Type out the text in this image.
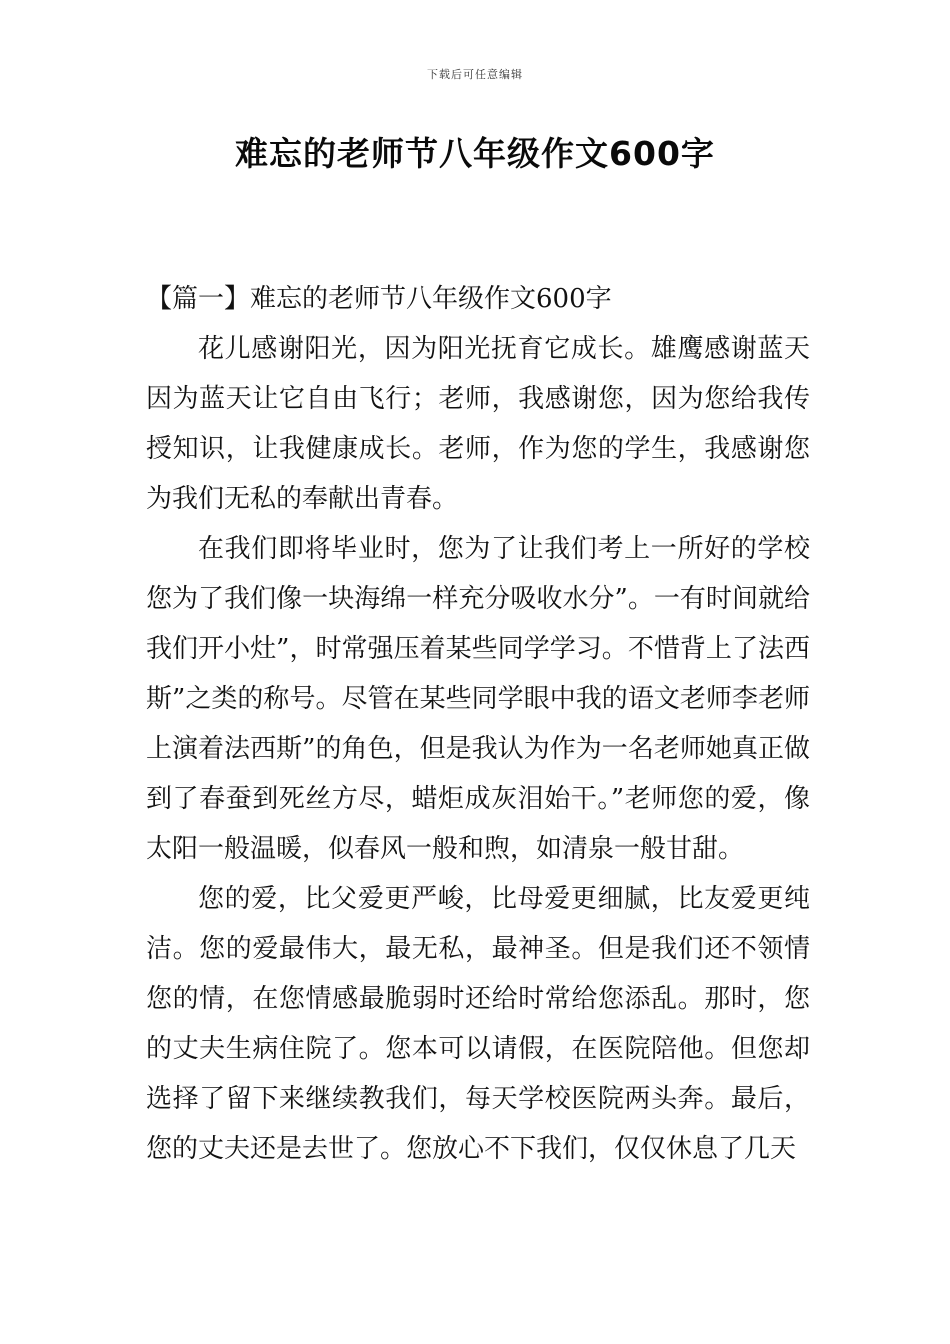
下载后可任意编辑
难忘的老师节八年级作文600字
【篇一】难忘的老师节八年级作文600字

花儿感谢阳光，因为阳光抚育它成长。雄鹰感谢蓝天因为蓝天让它自由飞行；老师，我感谢您，因为您给我传授知识，让我健康成长。老师，作为您的学生，我感谢您为我们无私的奉献出青春。

在我们即将毕业时，您为了让我们考上一所好的学校您为了我们像一块海绵一样充分吸收水分”。一有时间就给我们开小灶”，时常强压着某些同学学习。不惜背上了法西斯”之类的称号。尽管在某些同学眼中我的语文老师李老师上演着法西斯”的角色，但是我认为作为一名老师她真正做到了春蚕到死丝方尽，蜡炬成灰泪始干。”老师您的爱，像太阳一般温暖，似春风一般和煦，如清泉一般甘甜。

您的爱，比父爱更严峻，比母爱更细腻，比友爱更纯洁。您的爱最伟大，最无私，最神圣。但是我们还不领情您的情，在您情感最脆弱时还给时常给您添乱。那时，您的丈夫生病住院了。您本可以请假，在医院陪他。但您却选择了留下来继续教我们，每天学校医院两头奔。最后，您的丈夫还是去世了。您放心不下我们，仅仅休息了几天
